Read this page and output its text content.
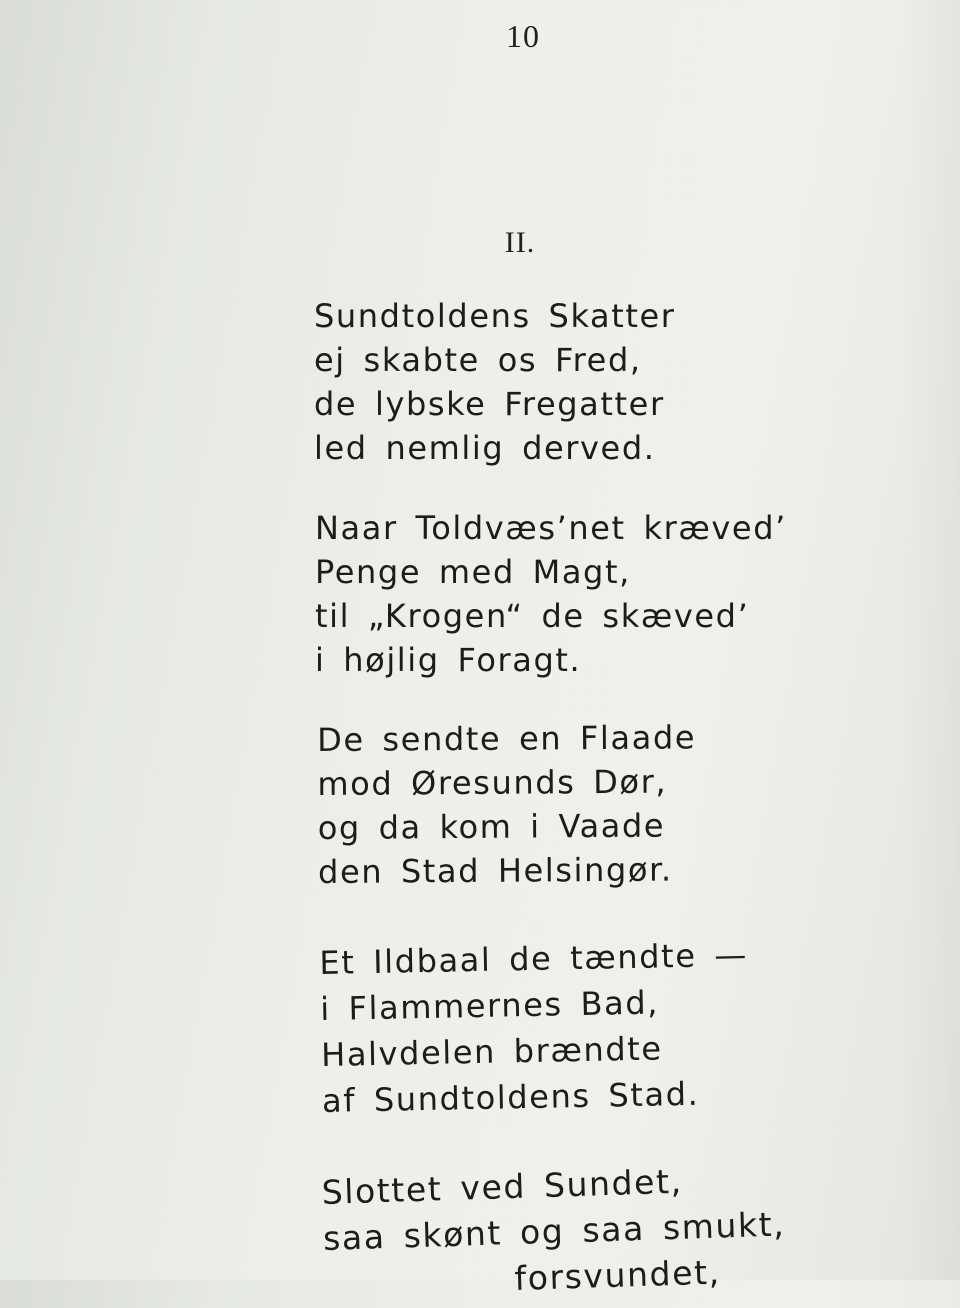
10
II.
Sundtoldens Skatter
ej skabte os Fred,
de lybske Fregatter
led nemlig derved.
Naar Toldvæs’net kræved’
Penge med Magt,
til „Krogen“ de skæved’
i højlig Foragt.
De sendte en Flaade
mod Øresunds Dør,
og da kom i Vaade
den Stad Helsingør.
Et Ildbaal de tændte —
i Flammernes Bad,
Halvdelen brændte
af Sundtoldens Stad.
Slottet ved Sundet,
saa skønt og saa smukt,
forsvundet,
